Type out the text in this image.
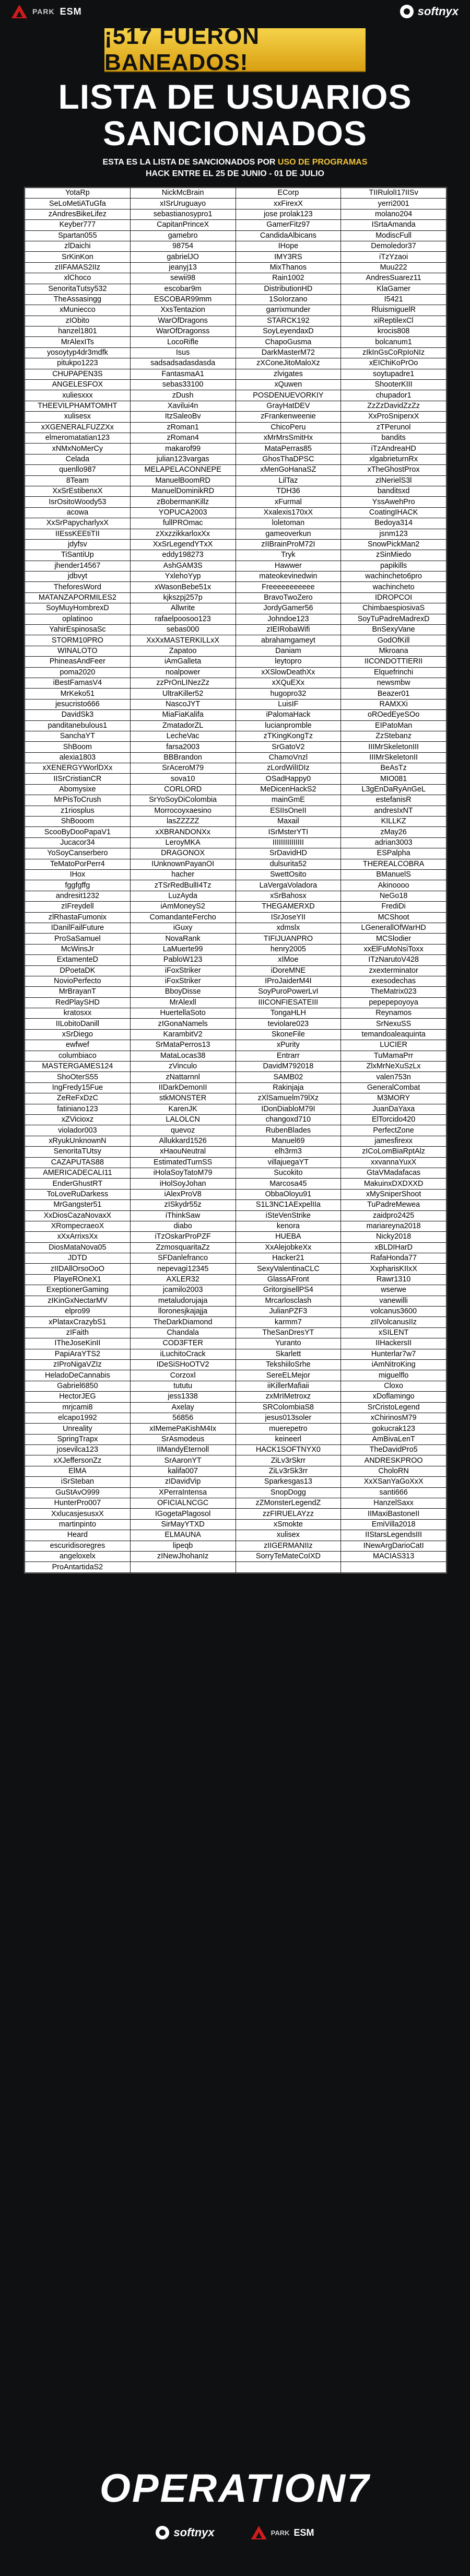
PARK ESM	softnyx
¡517 FUERON BANEADOS!
LISTA DE USUARIOS
SANCIONADOS
ESTA ES LA LISTA DE SANCIONADOS POR USO DE PROGRAMAS
HACK ENTRE EL 25 DE JUNIO - 01 DE JULIO
YotaRp	NickMcBrain	ECorp	TIIRulolI17IISv
SeLoMetiATuGfa	xISrUruguayo	xxFirexX	yerri2001
zAndresBikeLifez	sebastianosypro1	jose prolak123	molano204
Keyber777	CapitanPrinceX	GamerFitz97	ISrtaAmanda
Spartan055	gamebro	CandidaAlbicans	ModiscFull
zlDaichi	98754	IHope	Demoledor37
SrKinKon	gabrielJO	IMY3RS	iTzYzaoi
zIIFAMAS2IIz	jeanyj13	MixThanos	Muu222
xlChoco	sewii98	Rain1002	AndresSuarez11
SenoritaTutsy532	escobar9m	DistributionHD	KlaGamer
TheAssasingg	ESCOBAR99mm	1SoIorzano	I5421
xMuniecco	XxsTentazion	garrixmunder	RluismiguelR
zIObito	WarOfDragons	STARCK192	xiReptilexCl
hanzel1801	WarOfDragonss	SoyLeyendaxD	krocis808
MrAlexITs	LocoRifle	ChapoGusma	bolcanum1
yosoytyp4dr3mdfk	Isus	DarkMasterM72	zIkInGsCoRpIoNIz
pitukpo1223	sadsadsadasdasda	zXConeJitoMaloXz	xEIChiKoPrOo
CHUPAPEN3S	FantasmaA1	zlvigates	soytupadre1
ANGELESFOX	sebas33100	xQuwen	ShooterKIII
xuliesxxx	zDush	POSDENUEVORKIY	chupador1
THEEVILPHAMTOMHT	Xavilui4n	GrayHatDEV	ZzZzDavidZzZz
xulisesx	ItzSaleoBv	zFrankenweenie	XxProSniperxX
xXGENERALFUZZXx	zRoman1	ChicoPeru	zTPerunol
elmeromatatian123	zRoman4	xMrMrsSmitHx	bandits
xNMxNoMerCy	makarof99	MataPerras85	iTzAndreaHD
Celada	julian123vargas	GhosThaDPSC	xlgabrieturnRx
quenllo987	MELAPELACONNEPE	xMenGoHanaSZ	xTheGhostProx
8Team	ManuelBoomRD	LilTaz	zINerielS3l
XxSrEstibenxX	ManuelDominikRD	TDH36	banditsxd
IsrOsitoWoody53	zBobermanKillz	xFurmal	YssAwehPro
acowa	YOPUCA2003	Xxalexis170xX	CoatingIHACK
XxSrPapycharlyxX	fullPROmac	loletoman	Bedoya314
IIEssKEEtiTII	zXxzzikkarloxXx	gameoverkun	jsnm123
jdyfsv	XxSrLegendYTxX	zIIBrainProM72I	SnowPickMan2
TiSantiUp	eddy198273	Tryk	zSinMiedo
jhender14567	AshGAM3S	Hawwer	papikills
jdbvyt	YxlehoYyp	mateokevinedwin	wachincheto6pro
TheforesWord	xWasonBebe51x	Freeeeeeeeeee	wachincheto
MATANZAPORMILES2	kjkszpj257p	BravoTwoZero	IDROPCOI
SoyMuyHombrexD	Allwrite	JordyGamer56	ChimbaespiosivaS
oplatinoo	rafaelpoosoo123	Johndoe123	SoyTuPadreMadrexD
YahirEspinosaSc	sebas000	zIEIRobaWifi	BnSexyVane
STORM10PRO	XxXxMASTERKILLxX	abrahamgameyt	GodOfKill
WINALOTO	Zapatoo	Daniam	Mkroana
PhineasAndFeer	iAmGalleta	leytopro	IICONDOTTIERII
poma2020	noalpower	xXSlowDeathXx	Elquefrinchi
iBestFamasV4	zzPrOnLINezZz	xXQuEXx	newsmbw
MrKeko51	UltraKiller52	hugopro32	Beazer01
jesucristo666	NascoJYT	LuisIF	RAMXXi
DavidSk3	MiaFiaKalifa	iPalomaHack	oROedEyeSOo
panditanebulous1	ZmatadorZL	lucianpromble	EIPatoMan
SanchaYT	LecheVac	zTKingKongTz	ZzStebanz
ShBoom	farsa2003	SrGatoV2	IIIMrSkeletonIII
alexia1803	BBBrandon	ChamoVnzl	IIIMrSkeletonII
xXENERGYWorlDXx	SrAceroM79	zLordWilIDIz	BeAsTz
IISrCristianCR	sova10	OSadHappy0	MIO081
Abomysixe	CORLORD	MeDicenHackS2	L3gEnDaRyAnGeL
MrPisToCrush	SrYoSoyDiColombia	mainGmE	estefanisR
z1riosplus	Morrocoyxaesino	ESIIsOneII	andresIxNT
ShBooom	lasZZZZZ	Maxail	KILLKZ
ScooByDooPapaV1	xXBRANDONXx	ISrMsterYTI	zMay26
Jucacor34	LeroyMKA	IIIIIIIIIIIIIII	adrian3003
YoSoyCanserbero	DRAGONOX	SrDavidHD	ESPalpha
TeMatoPorPerr4	IUnknownPayanOI	dulsurita52	THEREALCOBRA
IHox	hacher	SwettOsito	BManuelS
fggfgffg	zTSrRedBullI4Tz	LaVergaVoladora	Akinoooo
andresit1232	LuzAyda	xSrBahosx	NeGo18
zIFreydell	iAmMoneyS2	THEGAMERXD	FrediDi
zlRhastaFumonix	ComandanteFercho	ISrJoseYII	MCShoot
IDanilFailFuture	iGuxy	xdmslx	LGenerallOfWarHD
ProSaSamuel	NovaRank	TIFIJUANPRO	MCSlodier
McWinsJr	LaMuerte99	henry2005	xxElFuMoNsiToxx
ExtamenteD	PabloW123	xIMoe	ITzNarutoV428
DPoetaDK	iFoxStriker	iDoreMNE	zxexterminator
NovioPerfecto	iFoxStriker	IProJaiderM4I	exesodechas
MrBrayanT	BboyDisse	SoyPuroPowerLvI	TheMatrix023
RedPlaySHD	MrAlexll	IIICONFIESATEIII	pepepepoyoya
kratosxx	HuertellaSoto	TongaHLH	Reynamos
IILobitoDanill	zIGonaNamels	teviolare023	SrNexuSS
xSrDiego	KarambitV2	SkoneFile	temandoaleaquinta
ewfwef	SrMataPerros13	xPurity	LUCIER
columbiaco	MataLocas38	Entrarr	TuMamaPrr
MASTERGAMES124	zVinculo	DavidM792018	ZlxMrNeXuSzLx
ShoOterS55	zNattarnnl	SAMB02	valen753n
IngFredy15Fue	IIDarkDemonII	Rakinjaja	GeneralCombat
ZeReFxDzC	stkMONSTER	zXlSamuelm79lXz	M3MORY
fatiniano123	KarenJK	IDonDiabloM79I	JuanDaYaxa
xZVicioxz	LALOLCN	changoxd710	ElTorcido420
violador003	quevoz	RubenBlades	PerfectZone
xRyukUnknownN	Allukkard1526	Manuel69	jamesfirexx
SenoritaTUtsy	xHaouNeutral	elh3rm3	zICoLomBiaRptAlz
CAZAPUTAS88	EstimatedTurnSS	villajuegaYT	xxvannaYuxX
AMERICADECALI11	iHolaSoyTatoM79	Sucokito	GtaVMadafacas
EnderGhustRT	iHolSoyJohan	Marcosa45	MakuinxDXDXXD
ToLoveRuDarkess	iAlexProV8	ObbaOloyu91	xMySniperShoot
MrGangster51	zISkydr55z	S1L3NC1AExpelIIa	TuPadreMewea
XxDiosCazaNovaxX	iThinkSaw	iSteVenStrike	zaidpro2425
XRompecraeoX	diabo	kenora	mariareyna2018
xXxArrixsXx	iTzOskarProPZF	HUEBA	Nicky2018
DiosMataNova05	ZzmosquaritaZz	XxAlejobkeXx	xBLDIHarD
JDTD	SFDanlefranco	Hacker21	RafaHonda77
zIIDAllOrsoOoO	nepevagi12345	SexyValentinaCLC	XxpharisKIIxX
PlayeROneX1	AXLER32	GlassAFront	Rawr1310
ExeptionerGaming	jcamilo2003	GritorgisellPS4	wserwe
zIKinGxNectarMV	metaludorujaja	Mrcarlosclash	vanewilli
elpro99	lloronesjkajajja	JulianPZF3	volcanus3600
xPlataxCrazybS1	TheDarkDiamond	karmm7	zIIVolcanusIIz
zIFaith	Chandala	TheSanDresYT	xSILENT
ITheJoseKinII	COD3FTER	Yuranto	IIHackersII
PapiAraYTS2	iLuchitoCrack	Skarlett	Hunterlar7w7
zIProNigaVZIz	IDeSiSHoOTV2	TekshiiloSrhe	iAmNitroKing
HeladoDeCannabis	Corzoxl	SereELMejor	miguelflo
Gabriel6850	tututu	iiKillerMafiaii	Cloxo
HectorJEG	jess1338	zxMrIMetroxz	xDoflamingo
mrjcami8	Axelay	SRColombiaS8	SrCristoLegend
elcapo1992	56856	jesus013soler	xChirinosM79
Unreality	xIMemePaKishM4Ix	muerepetro	gokucrak123
SpringTrapx	SrAsmodeus	keineerl	AmBivaLenT
josevilca123	IIMandyEternoll	HACK1SOFTNYX0	TheDavidPro5
xXJeffersonZz	SrAaronYT	ZiLv3rSkrr	ANDRESKPROO
ElMA	kalifa007	ZiLv3rSk3rr	CholoRN
iSrSteban	zIDavidVip	Sparkesgas13	XxXSanYaGoXxX
GuStAvO999	XPerraIntensa	SnopDogg	santi666
HunterPro007	OFICIALNCGC	zZMonsterLegendZ	HanzelSaxx
XxlucasjesusxX	IGogetaPlagosol	zzFIRUELAYzz	IIMaxiBastoneII
martinpinto	SirMayYTXD	xSmokte	EmiVilla2018
Heard	ELMAUNA	xulisex	IIStarsLegendsIII
escuridisoregres	lipeqb	zIIGERMANIIz	INewArgDarioCatI
angeloxelx	zINewJhohanIz	SorryTeMateCoIXD	MACIAS313
ProAntartidaS2			
OPERATION7
softnyx	PARK ESM
